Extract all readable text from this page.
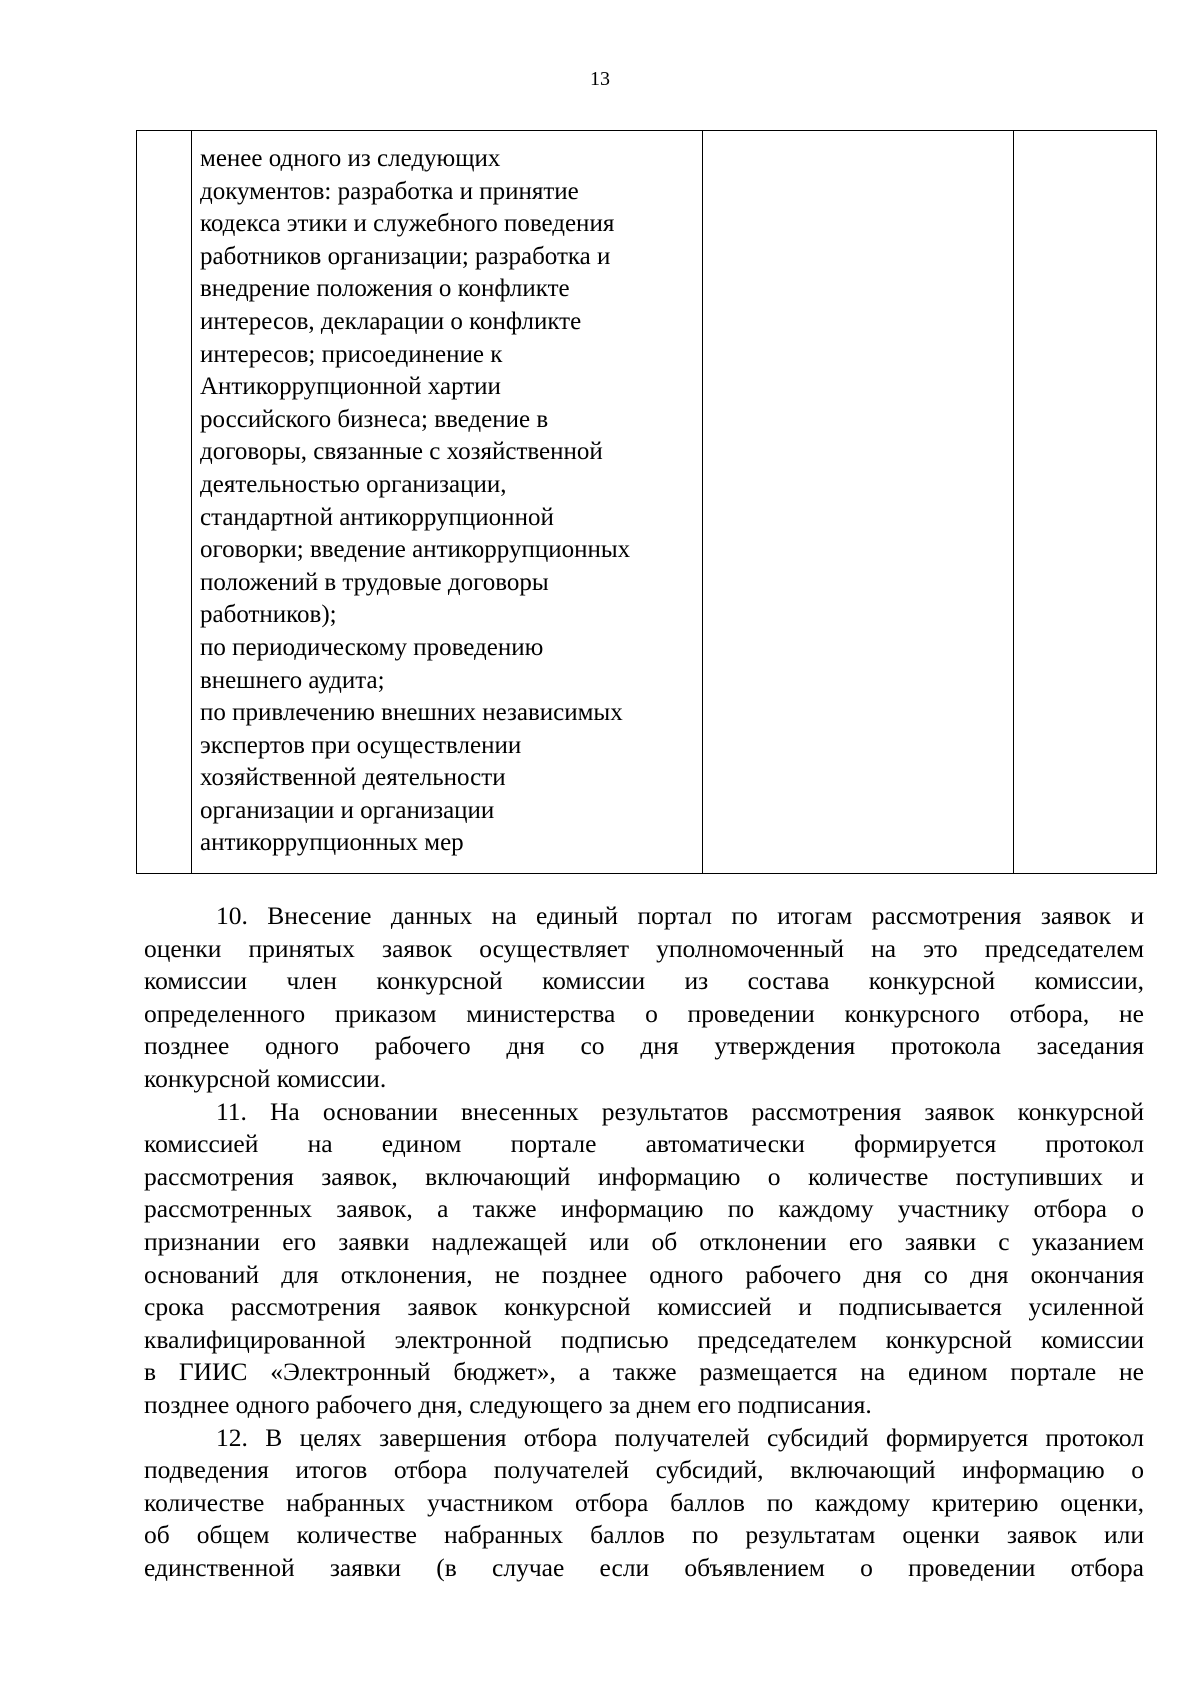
13

менее одного из следующих
документов: разработка и принятие
кодекса этики и служебного поведения
работников организации; разработка и
внедрение положения о конфликте
интересов, декларации о конфликте
интересов; присоединение к
Антикоррупционной хартии
российского бизнеса; введение в
договоры, связанные с хозяйственной
деятельностью организации,
стандартной антикоррупционной
оговорки; введение антикоррупционных
положений в трудовые договоры
работников);
по периодическому проведению
внешнего аудита;
по привлечению внешних независимых
экспертов при осуществлении
хозяйственной деятельности
организации и организации
антикоррупционных мер

10. Внесение данных на единый портал по итогам рассмотрения заявок и
оценки принятых заявок осуществляет уполномоченный на это председателем
комиссии член конкурсной комиссии из состава конкурсной комиссии,
определенного приказом министерства о проведении конкурсного отбора, не
позднее одного рабочего дня со дня утверждения протокола заседания
конкурсной комиссии.
11. На основании внесенных результатов рассмотрения заявок конкурсной
комиссией на едином портале автоматически формируется протокол
рассмотрения заявок, включающий информацию о количестве поступивших и
рассмотренных заявок, а также информацию по каждому участнику отбора о
признании его заявки надлежащей или об отклонении его заявки с указанием
оснований для отклонения, не позднее одного рабочего дня со дня окончания
срока рассмотрения заявок конкурсной комиссией и подписывается усиленной
квалифицированной электронной подписью председателем конкурсной комиссии
в ГИИС «Электронный бюджет», а также размещается на едином портале не
позднее одного рабочего дня, следующего за днем его подписания.
12. В целях завершения отбора получателей субсидий формируется протокол
подведения итогов отбора получателей субсидий, включающий информацию о
количестве набранных участником отбора баллов по каждому критерию оценки,
об общем количестве набранных баллов по результатам оценки заявок или
единственной заявки (в случае если объявлением о проведении отбора
